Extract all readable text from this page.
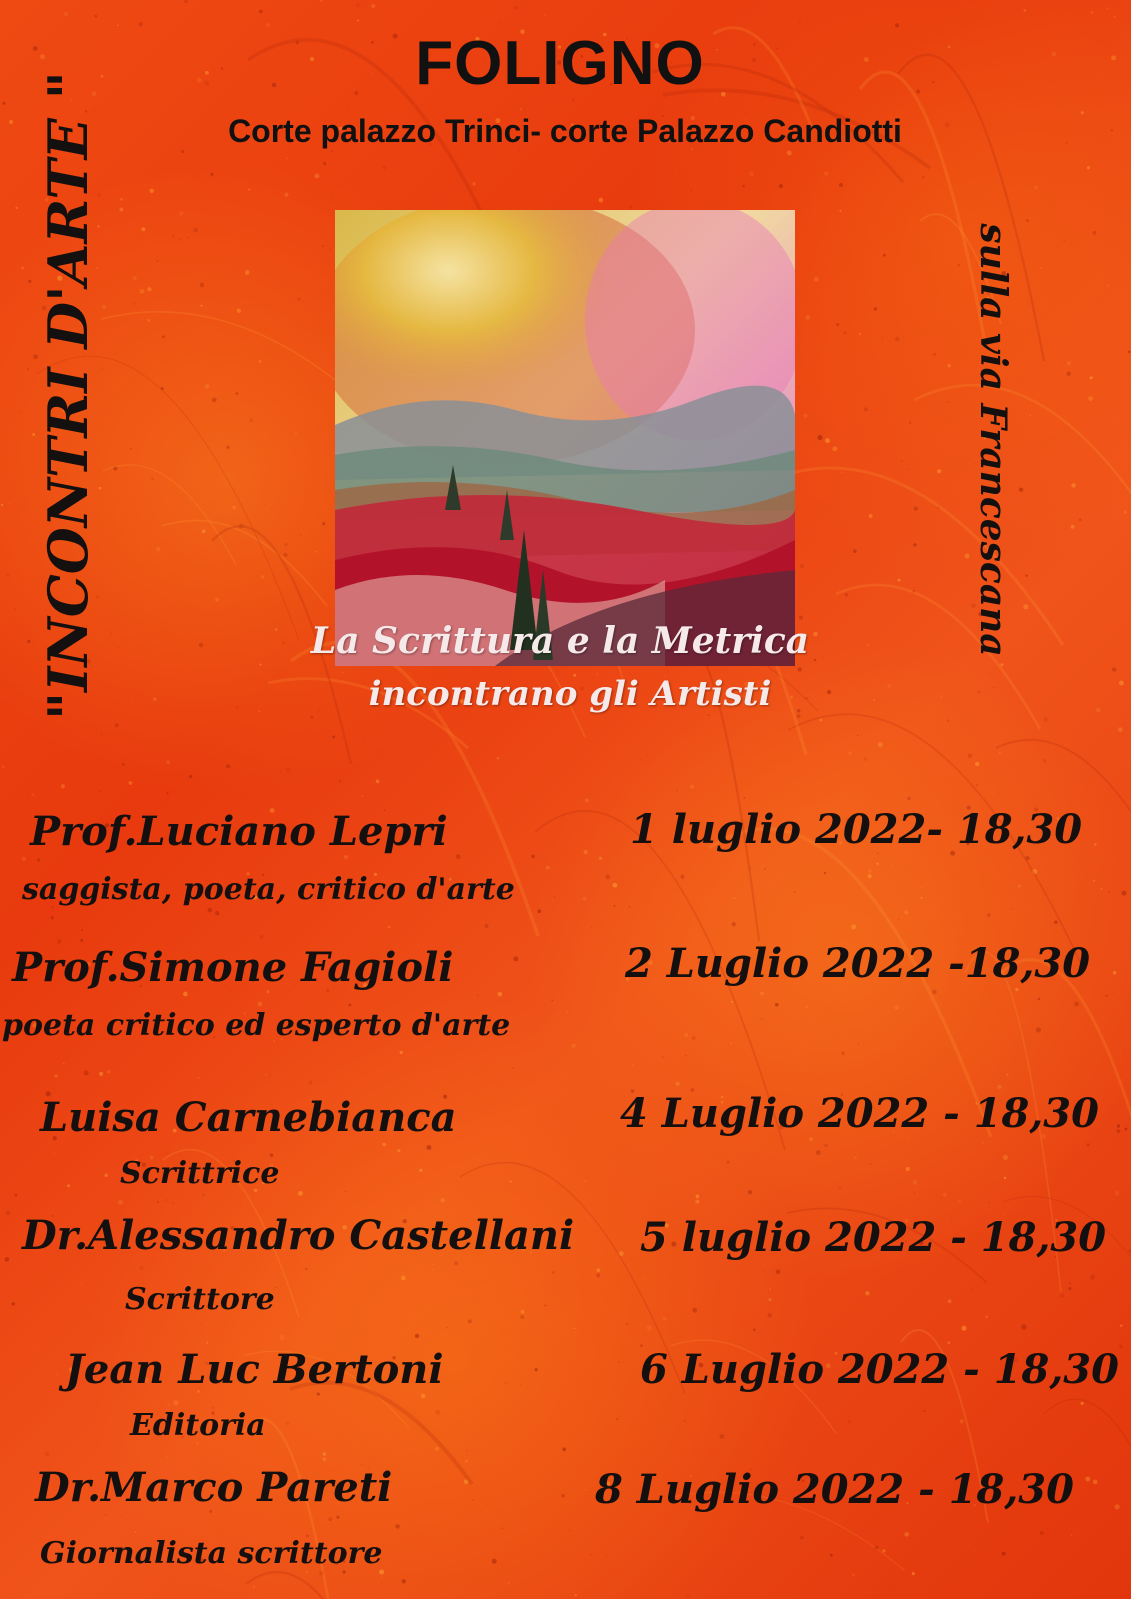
FOLIGNO
Corte palazzo Trinci- corte Palazzo Candiotti
"INCONTRI D'ARTE "	sulla via Francescana
La Scrittura e la Metrica
incontrano gli Artisti
Prof.Luciano Lepri
saggista, poeta, critico d'arte
1 luglio 2022- 18,30
Prof.Simone Fagioli
poeta critico ed esperto d'arte
2 Luglio 2022 -18,30
Luisa Carnebianca
Scrittrice
4 Luglio 2022 - 18,30
Dr.Alessandro Castellani
Scrittore
5 luglio 2022 - 18,30
Jean Luc Bertoni
Editoria
6 Luglio 2022 - 18,30
Dr.Marco Pareti
Giornalista scrittore
8 Luglio 2022 - 18,30
